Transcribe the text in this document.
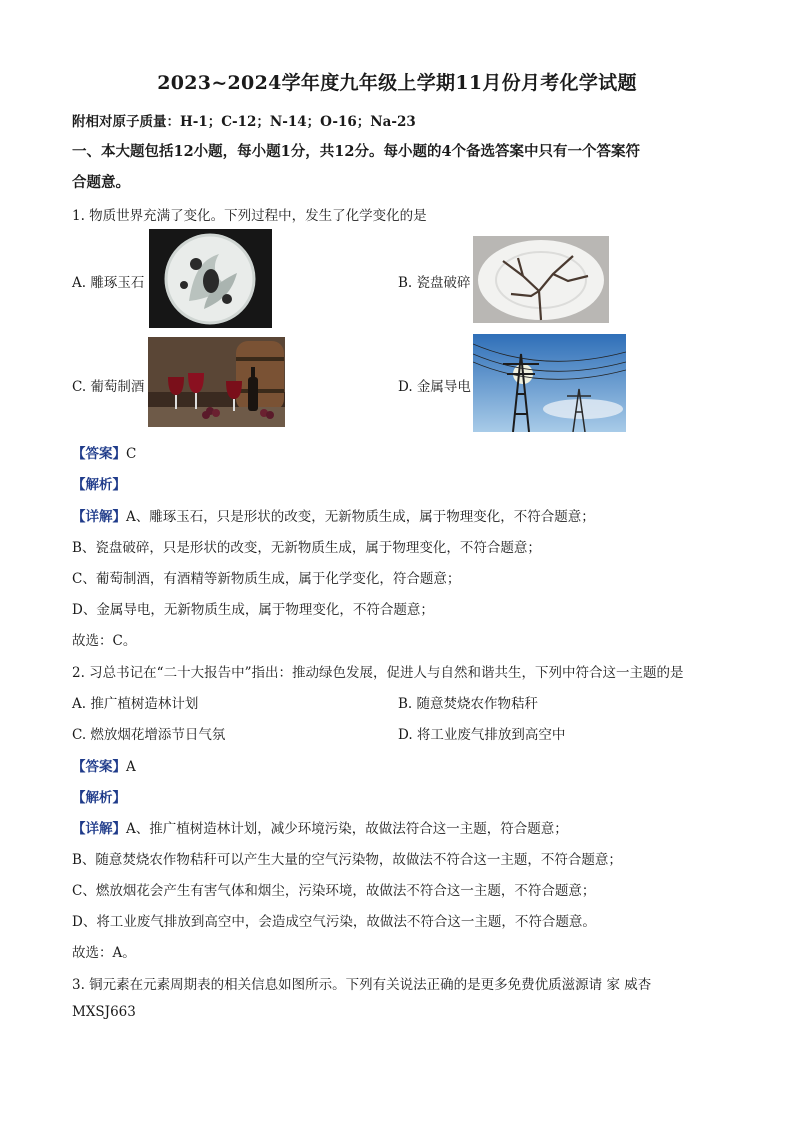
2023~2024学年度九年级上学期11月份月考化学试题
附相对原子质量：H-1；C-12；N-14；O-16；Na-23
一、本大题包括12小题，每小题1分，共12分。每小题的4个备选答案中只有一个答案符
合题意。
1. 物质世界充满了变化。下列过程中，发生了化学变化的是
A. 雕琢玉石	B. 瓷盘破碎
C. 葡萄制酒	D. 金属导电
【答案】C
【解析】
【详解】A、雕琢玉石，只是形状的改变，无新物质生成，属于物理变化，不符合题意；
B、瓷盘破碎，只是形状的改变，无新物质生成，属于物理变化，不符合题意；
C、葡萄制酒，有酒精等新物质生成，属于化学变化，符合题意；
D、金属导电，无新物质生成，属于物理变化，不符合题意；
故选：C。
2. 习总书记在“二十大报告中”指出：推动绿色发展，促进人与自然和谐共生，下列中符合这一主题的是
A. 推广植树造林计划	B. 随意焚烧农作物秸秆
C. 燃放烟花增添节日气氛	D. 将工业废气排放到高空中
【答案】A
【解析】
【详解】A、推广植树造林计划，减少环境污染，故做法符合这一主题，符合题意；
B、随意焚烧农作物秸秆可以产生大量的空气污染物，故做法不符合这一主题，不符合题意；
C、燃放烟花会产生有害气体和烟尘，污染环境，故做法不符合这一主题，不符合题意；
D、将工业废气排放到高空中，会造成空气污染，故做法不符合这一主题，不符合题意。
故选：A。
3. 铜元素在元素周期表的相关信息如图所示。下列有关说法正确的是更多免费优质滋源请 家 威杏
MXSJ663
